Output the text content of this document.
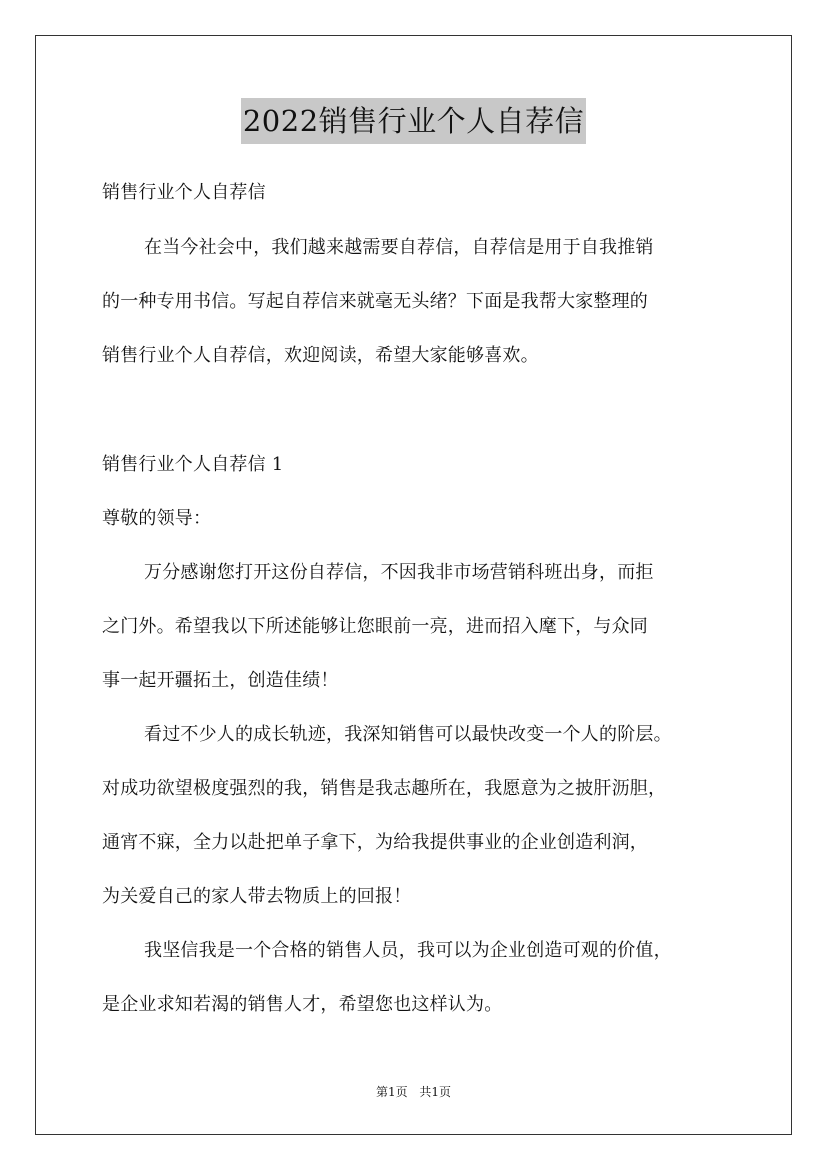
2022销售行业个人自荐信
销售行业个人自荐信
在当今社会中，我们越来越需要自荐信，自荐信是用于自我推销
的一种专用书信。写起自荐信来就毫无头绪？下面是我帮大家整理的
销售行业个人自荐信，欢迎阅读，希望大家能够喜欢。
销售行业个人自荐信 1
尊敬的领导：
万分感谢您打开这份自荐信，不因我非市场营销科班出身，而拒
之门外。希望我以下所述能够让您眼前一亮，进而招入麾下，与众同
事一起开疆拓土，创造佳绩！
看过不少人的成长轨迹，我深知销售可以最快改变一个人的阶层。
对成功欲望极度强烈的我，销售是我志趣所在，我愿意为之披肝沥胆，
通宵不寐，全力以赴把单子拿下，为给我提供事业的企业创造利润，
为关爱自己的家人带去物质上的回报！
我坚信我是一个合格的销售人员，我可以为企业创造可观的价值，
是企业求知若渴的销售人才，希望您也这样认为。
第1页 共1页
